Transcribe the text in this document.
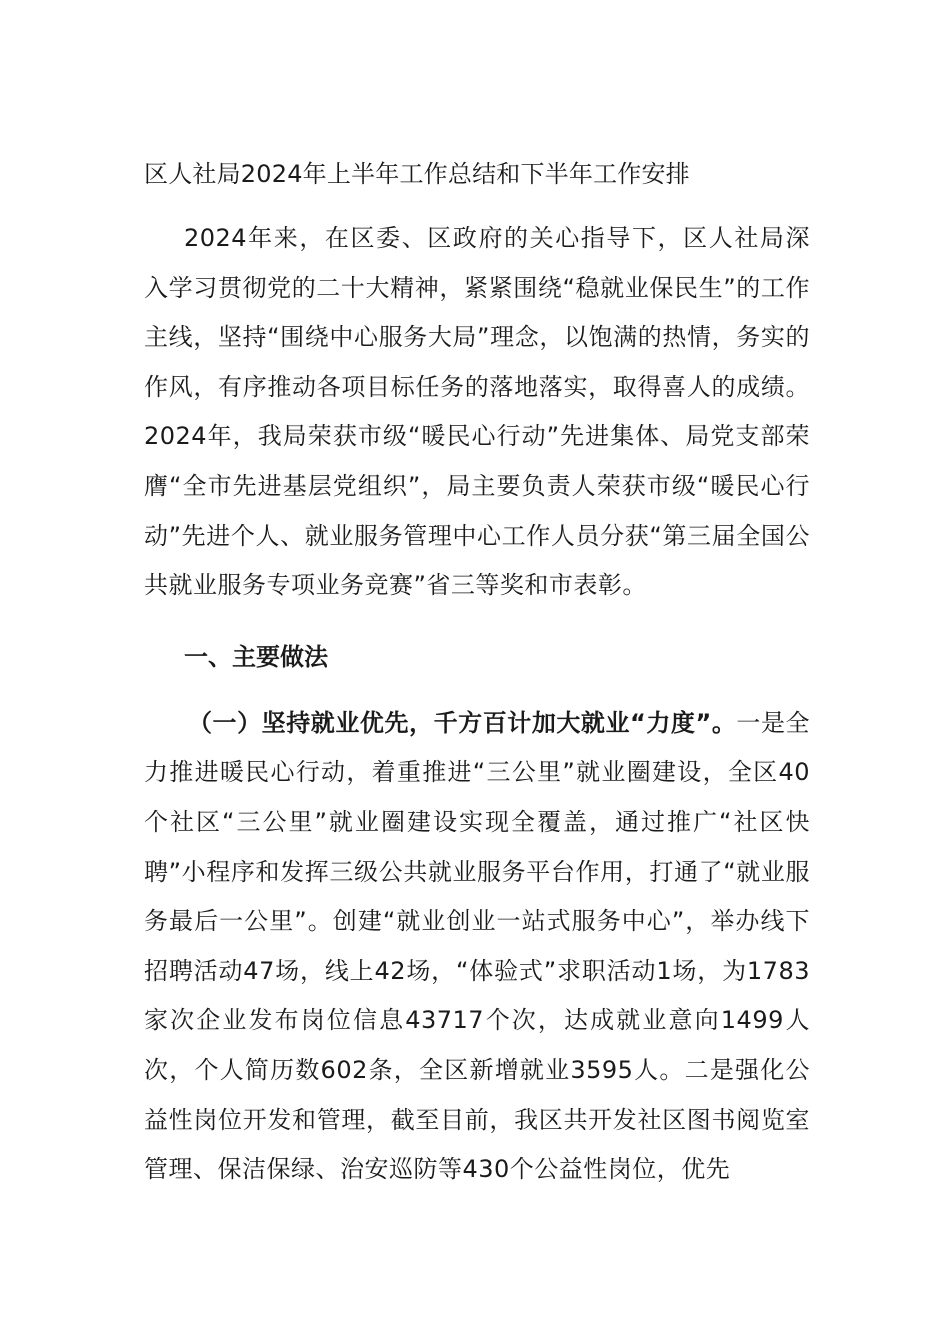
区人社局2024年上半年工作总结和下半年工作安排

2024年来，在区委、区政府的关心指导下，区人社局深入学习贯彻党的二十大精神，紧紧围绕“稳就业保民生”的工作主线，坚持“围绕中心服务大局”理念，以饱满的热情，务实的作风，有序推动各项目标任务的落地落实，取得喜人的成绩。2024年，我局荣获市级“暖民心行动”先进集体、局党支部荣膺“全市先进基层党组织”，局主要负责人荣获市级“暖民心行动”先进个人、就业服务管理中心工作人员分获“第三届全国公共就业服务专项业务竞赛”省三等奖和市表彰。

一、主要做法

（一）坚持就业优先，千方百计加大就业“力度”。一是全力推进暖民心行动，着重推进“三公里”就业圈建设，全区40个社区“三公里”就业圈建设实现全覆盖，通过推广“社区快聘”小程序和发挥三级公共就业服务平台作用，打通了“就业服务最后一公里”。创建“就业创业一站式服务中心”，举办线下招聘活动47场，线上42场，“体验式”求职活动1场，为1783家次企业发布岗位信息43717个次，达成就业意向1499人次，个人简历数602条，全区新增就业3595人。二是强化公益性岗位开发和管理，截至目前，我区共开发社区图书阅览室管理、保洁保绿、治安巡防等430个公益性岗位，优先
